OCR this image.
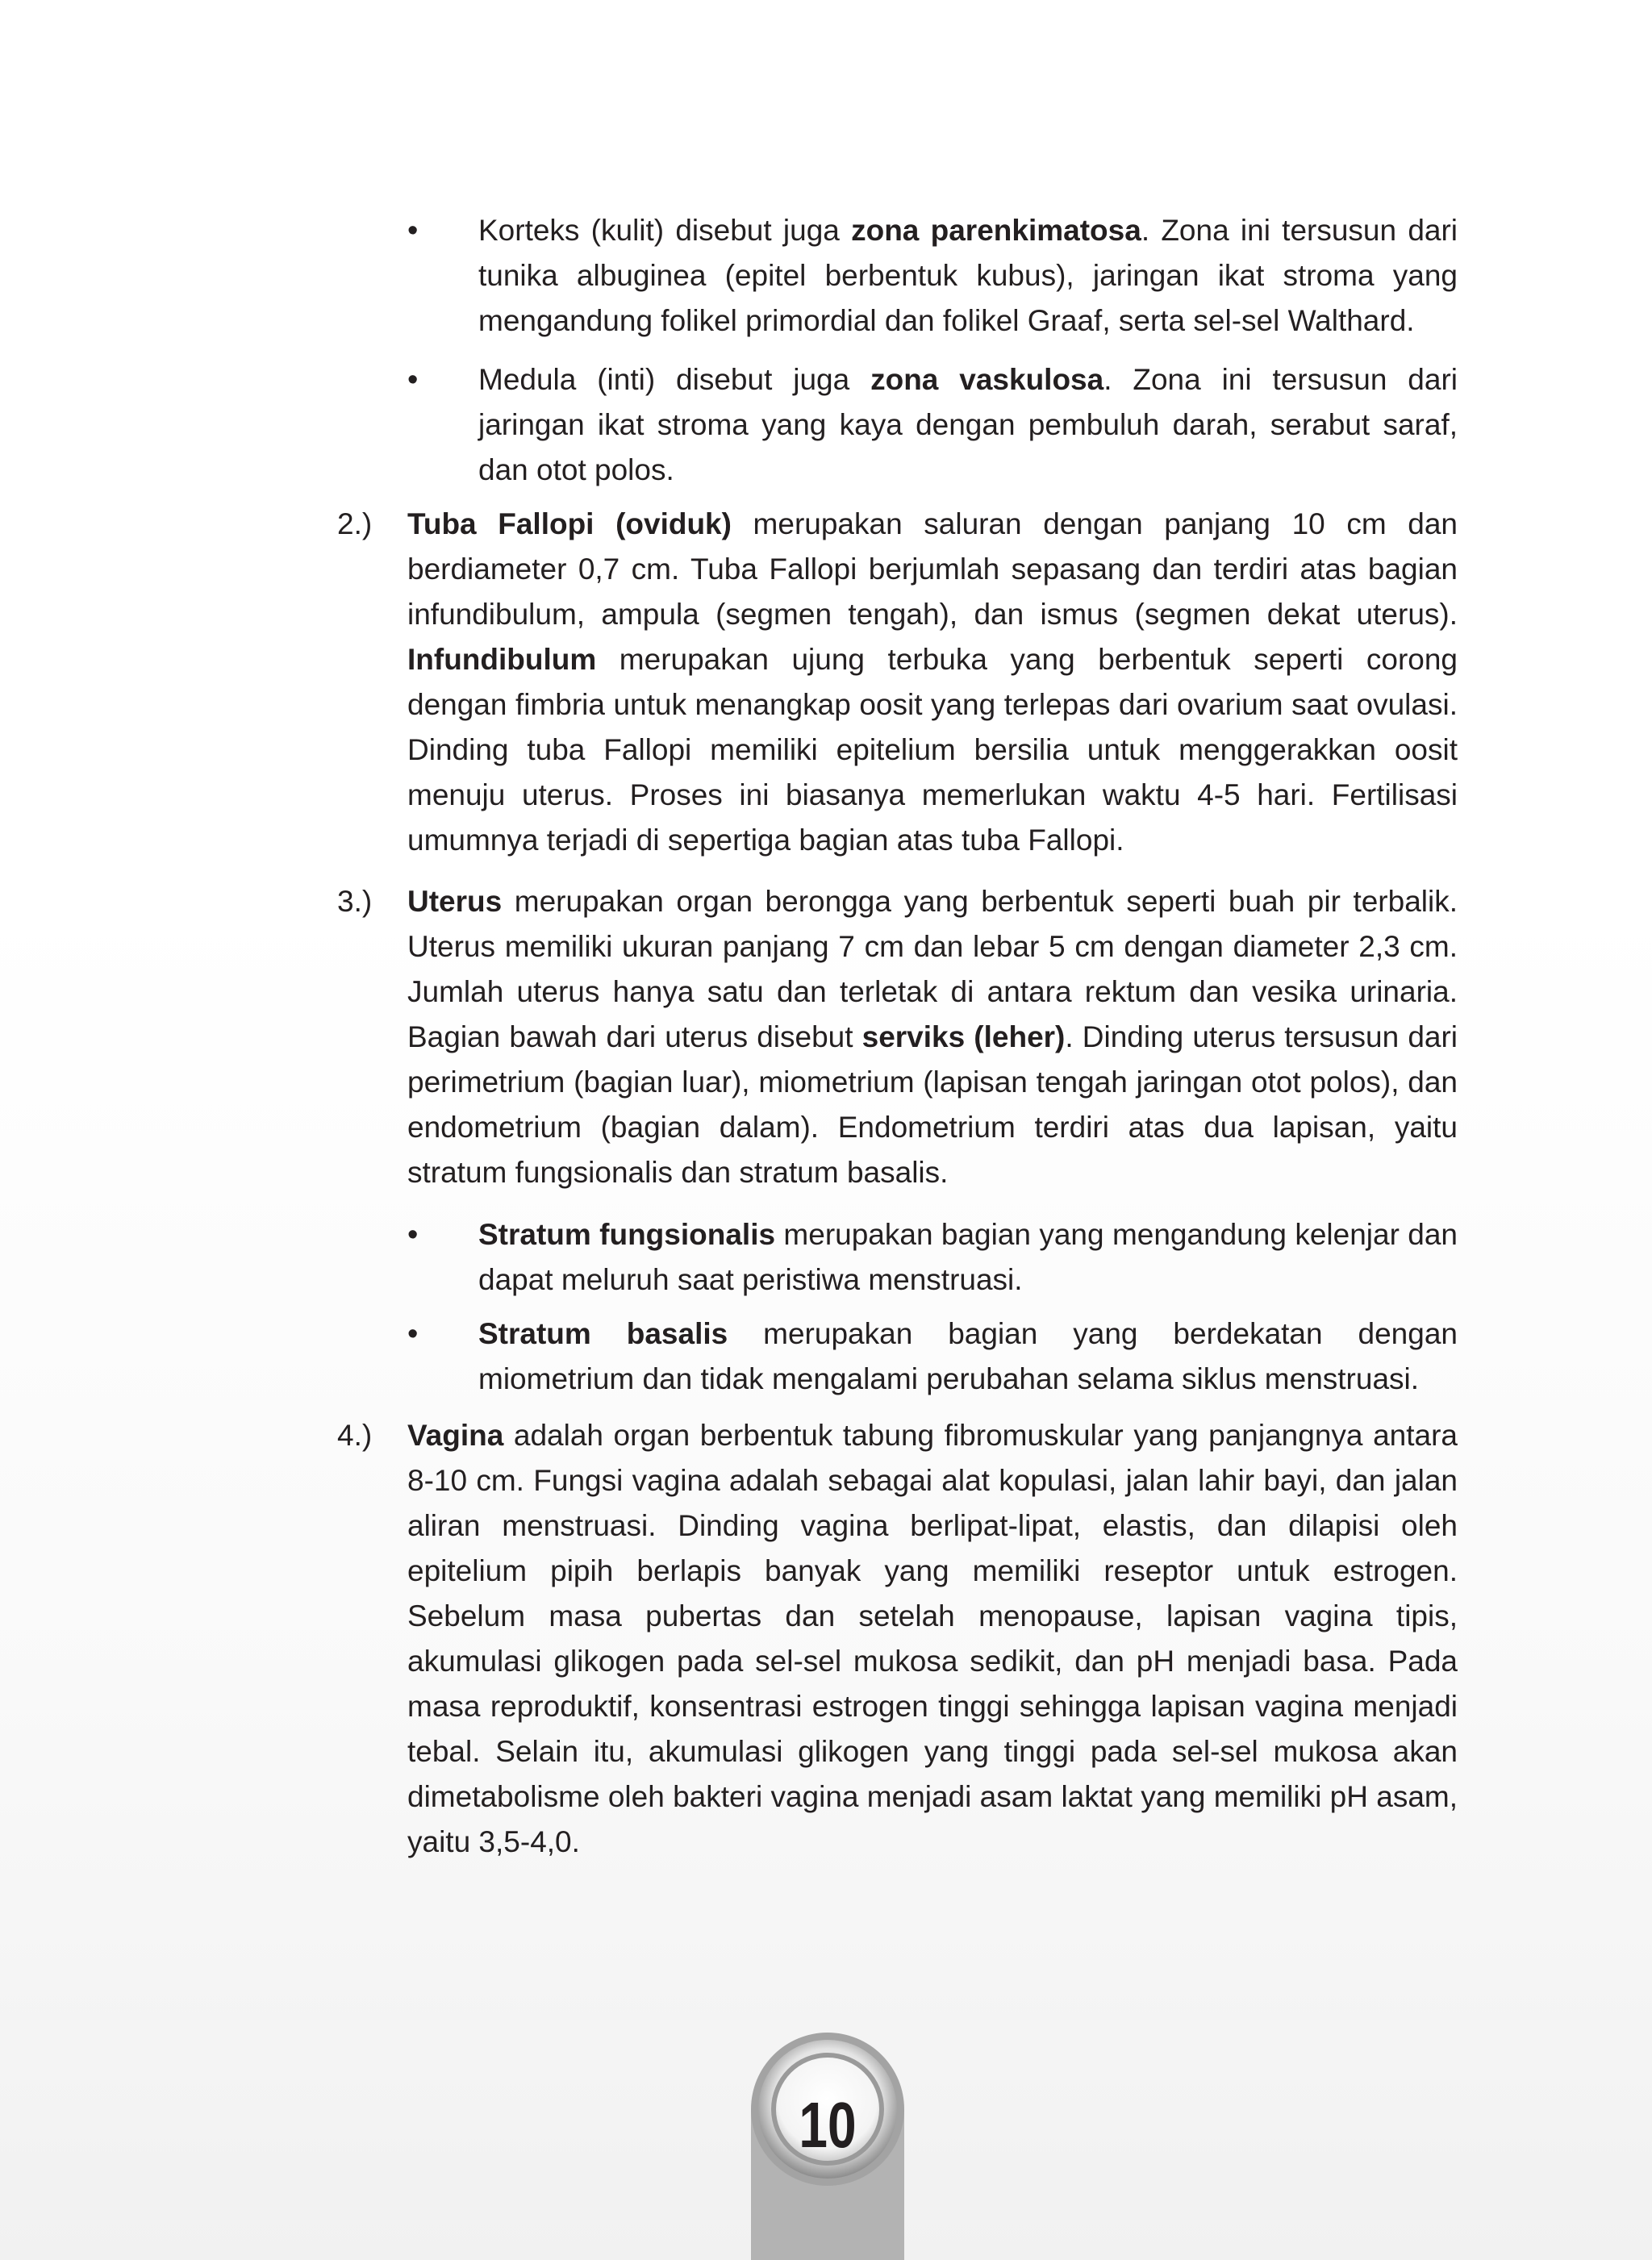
•	Korteks (kulit) disebut juga zona parenkimatosa. Zona ini tersusun dari tunika albuginea (epitel berbentuk kubus), jaringan ikat stroma yang mengandung folikel primordial dan folikel Graaf, serta sel-sel Walthard.
•	Medula (inti) disebut juga zona vaskulosa. Zona ini tersusun dari jaringan ikat stroma yang kaya dengan pembuluh darah, serabut saraf, dan otot polos.
2.)	Tuba Fallopi (oviduk) merupakan saluran dengan panjang 10 cm dan berdiameter 0,7 cm. Tuba Fallopi berjumlah sepasang dan terdiri atas bagian infundibulum, ampula (segmen tengah), dan ismus (segmen dekat uterus). Infundibulum merupakan ujung terbuka yang berbentuk seperti corong dengan fimbria untuk menangkap oosit yang terlepas dari ovarium saat ovulasi. Dinding tuba Fallopi memiliki epitelium bersilia untuk menggerakkan oosit menuju uterus. Proses ini biasanya memerlukan waktu 4-5 hari. Fertilisasi umumnya terjadi di sepertiga bagian atas tuba Fallopi.
3.)	Uterus merupakan organ berongga yang berbentuk seperti buah pir terbalik. Uterus memiliki ukuran panjang 7 cm dan lebar 5 cm dengan diameter 2,3 cm. Jumlah uterus hanya satu dan terletak di antara rektum dan vesika urinaria. Bagian bawah dari uterus disebut serviks (leher). Dinding uterus tersusun dari perimetrium (bagian luar), miometrium (lapisan tengah jaringan otot polos), dan endometrium (bagian dalam). Endometrium terdiri atas dua lapisan, yaitu stratum fungsionalis dan stratum basalis.
•	Stratum fungsionalis merupakan bagian yang mengandung kelenjar dan dapat meluruh saat peristiwa menstruasi.
•	Stratum basalis merupakan bagian yang berdekatan dengan miometrium dan tidak mengalami perubahan selama siklus menstruasi.
4.)	Vagina adalah organ berbentuk tabung fibromuskular yang panjangnya antara 8-10 cm. Fungsi vagina adalah sebagai alat kopulasi, jalan lahir bayi, dan jalan aliran menstruasi. Dinding vagina berlipat-lipat, elastis, dan dilapisi oleh epitelium pipih berlapis banyak yang memiliki reseptor untuk estrogen. Sebelum masa pubertas dan setelah menopause, lapisan vagina tipis, akumulasi glikogen pada sel-sel mukosa sedikit, dan pH menjadi basa. Pada masa reproduktif, konsentrasi estrogen tinggi sehingga lapisan vagina menjadi tebal. Selain itu, akumulasi glikogen yang tinggi pada sel-sel mukosa akan dimetabolisme oleh bakteri vagina menjadi asam laktat yang memiliki pH asam, yaitu 3,5-4,0.
10
